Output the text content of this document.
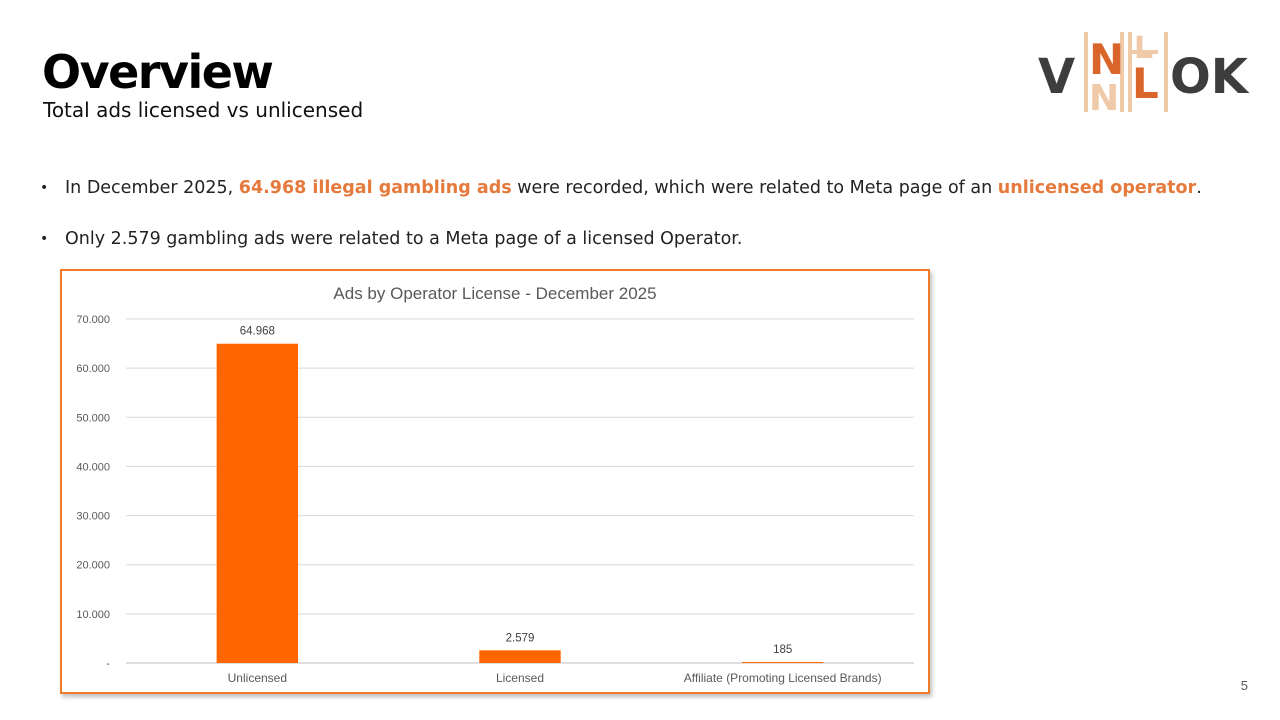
Overview
Total ads licensed vs unlicensed
V N L
N
L
OK
• In December 2025, 64.968 illegal gambling ads were recorded, which were related to Meta page of an unlicensed operator.
• Only 2.579 gambling ads were related to a Meta page of a licensed Operator.
Ads by Operator License - December 2025
-
10.000
20.000
30.000
40.000
50.000
60.000
70.000
64.968
2.579
185
Unlicensed	Licensed	Affiliate (Promoting Licensed Brands)	5
